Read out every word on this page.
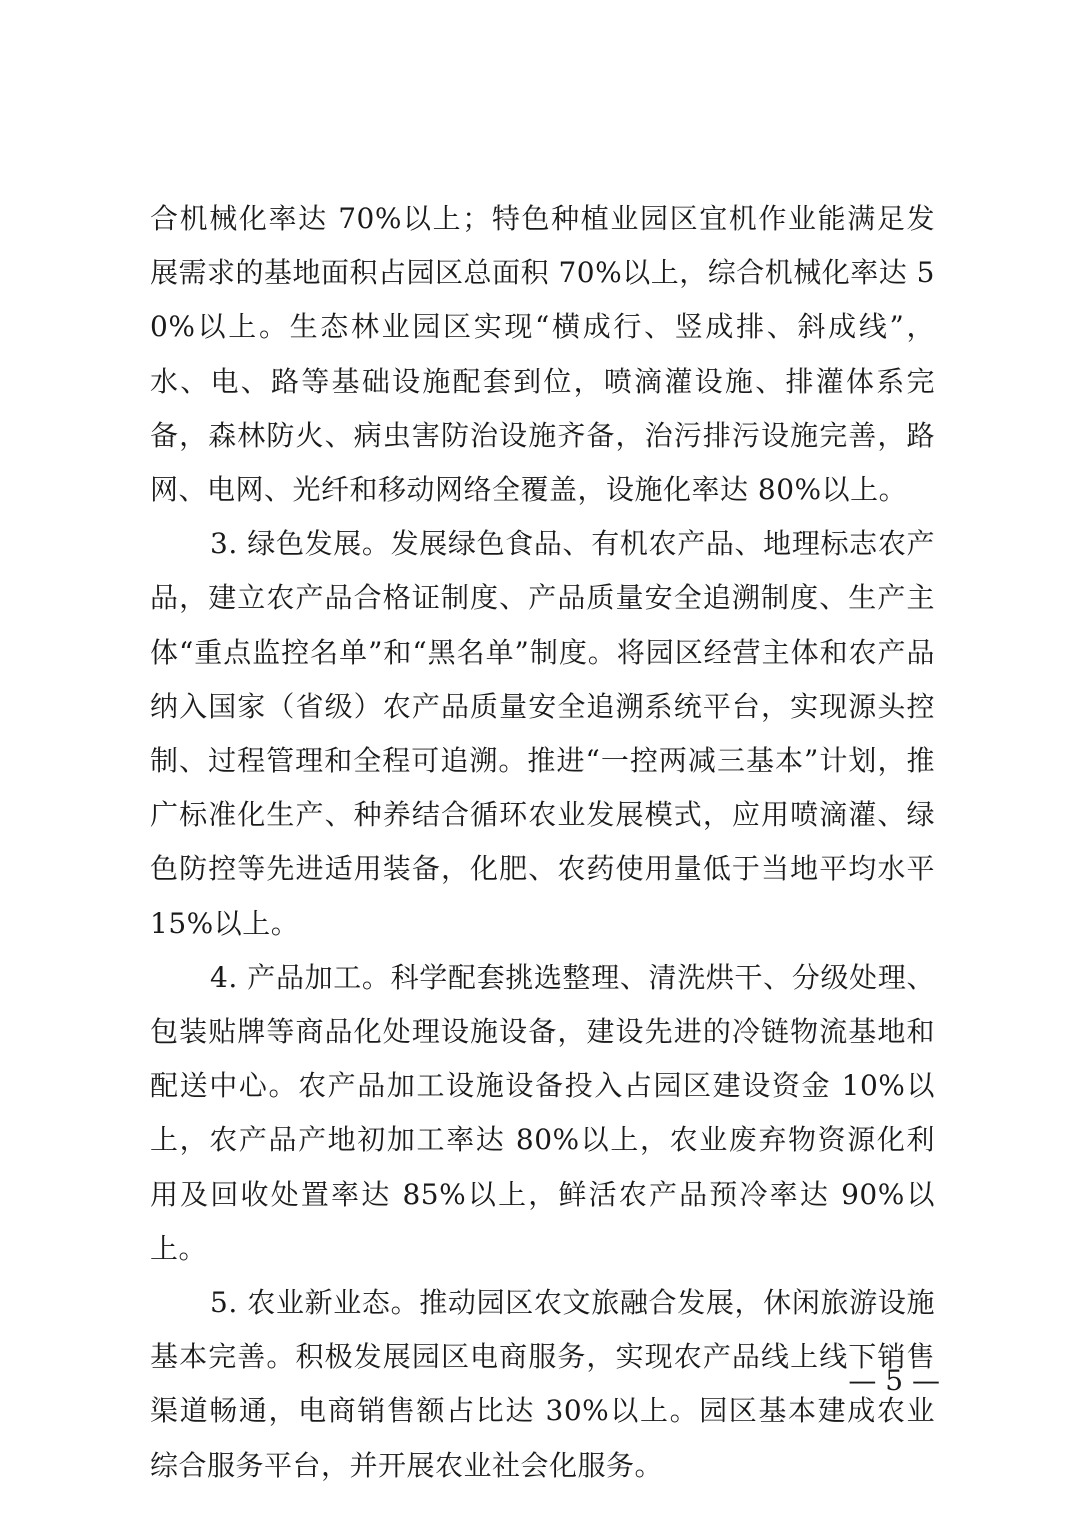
合机械化率达 70%以上；特色种植业园区宜机作业能满足发展需求的基地面积占园区总面积 70%以上，综合机械化率达 50%以上。生态林业园区实现“横成行、竖成排、斜成线”，水、电、路等基础设施配套到位，喷滴灌设施、排灌体系完备，森林防火、病虫害防治设施齐备，治污排污设施完善，路网、电网、光纤和移动网络全覆盖，设施化率达 80%以上。

3. 绿色发展。发展绿色食品、有机农产品、地理标志农产品，建立农产品合格证制度、产品质量安全追溯制度、生产主体“重点监控名单”和“黑名单”制度。将园区经营主体和农产品纳入国家（省级）农产品质量安全追溯系统平台，实现源头控制、过程管理和全程可追溯。推进“一控两减三基本”计划，推广标准化生产、种养结合循环农业发展模式，应用喷滴灌、绿色防控等先进适用装备，化肥、农药使用量低于当地平均水平 15%以上。

4. 产品加工。科学配套挑选整理、清洗烘干、分级处理、包装贴牌等商品化处理设施设备，建设先进的冷链物流基地和配送中心。农产品加工设施设备投入占园区建设资金 10%以上，农产品产地初加工率达 80%以上，农业废弃物资源化利用及回收处置率达 85%以上，鲜活农产品预冷率达 90%以上。

5. 农业新业态。推动园区农文旅融合发展，休闲旅游设施基本完善。积极发展园区电商服务，实现农产品线上线下销售渠道畅通，电商销售额占比达 30%以上。园区基本建成农业综合服务平台，并开展农业社会化服务。

— 5 —
